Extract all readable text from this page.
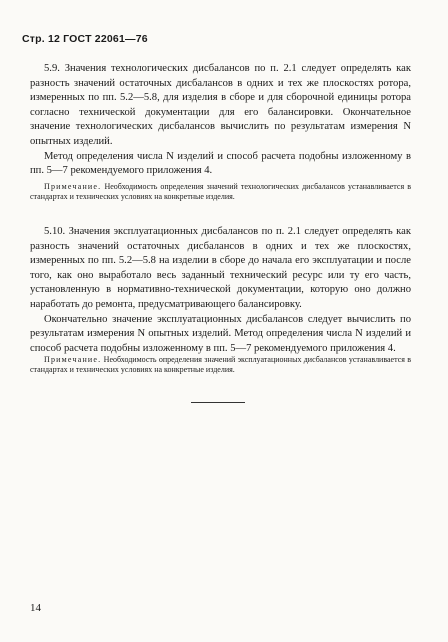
Стр. 12 ГОСТ 22061—76

5.9. Значения технологических дисбалансов по п. 2.1 следует определять как разность значений остаточных дисбалансов в одних и тех же плоскостях ротора, измеренных по пп. 5.2—5.8, для изделия в сборе и для сборочной единицы ротора согласно технической документации для его балансировки. Окончательное значение технологических дисбалансов вычислить по результатам измерения N опытных изделий.

Метод определения числа N изделий и способ расчета подобны изложенному в пп. 5—7 рекомендуемого приложения 4.

Примечание. Необходимость определения значений технологических дисбалансов устанавливается в стандартах и технических условиях на конкретные изделия.

5.10. Значения эксплуатационных дисбалансов по п. 2.1 следует определять как разность значений остаточных дисбалансов в одних и тех же плоскостях, измеренных по пп. 5.2—5.8 на изделии в сборе до начала его эксплуатации и после того, как оно выработало весь заданный технический ресурс или ту его часть, установленную в нормативно-технической документации, которую оно должно наработать до ремонта, предусматривающего балансировку.

Окончательно значение эксплуатационных дисбалансов следует вычислить по результатам измерения N опытных изделий. Метод определения числа N изделий и способ расчета подобны изложенному в пп. 5—7 рекомендуемого приложения 4.

Примечание. Необходимость определения значений эксплуатационных дисбалансов устанавливается в стандартах и технических условиях на конкретные изделия.

14
